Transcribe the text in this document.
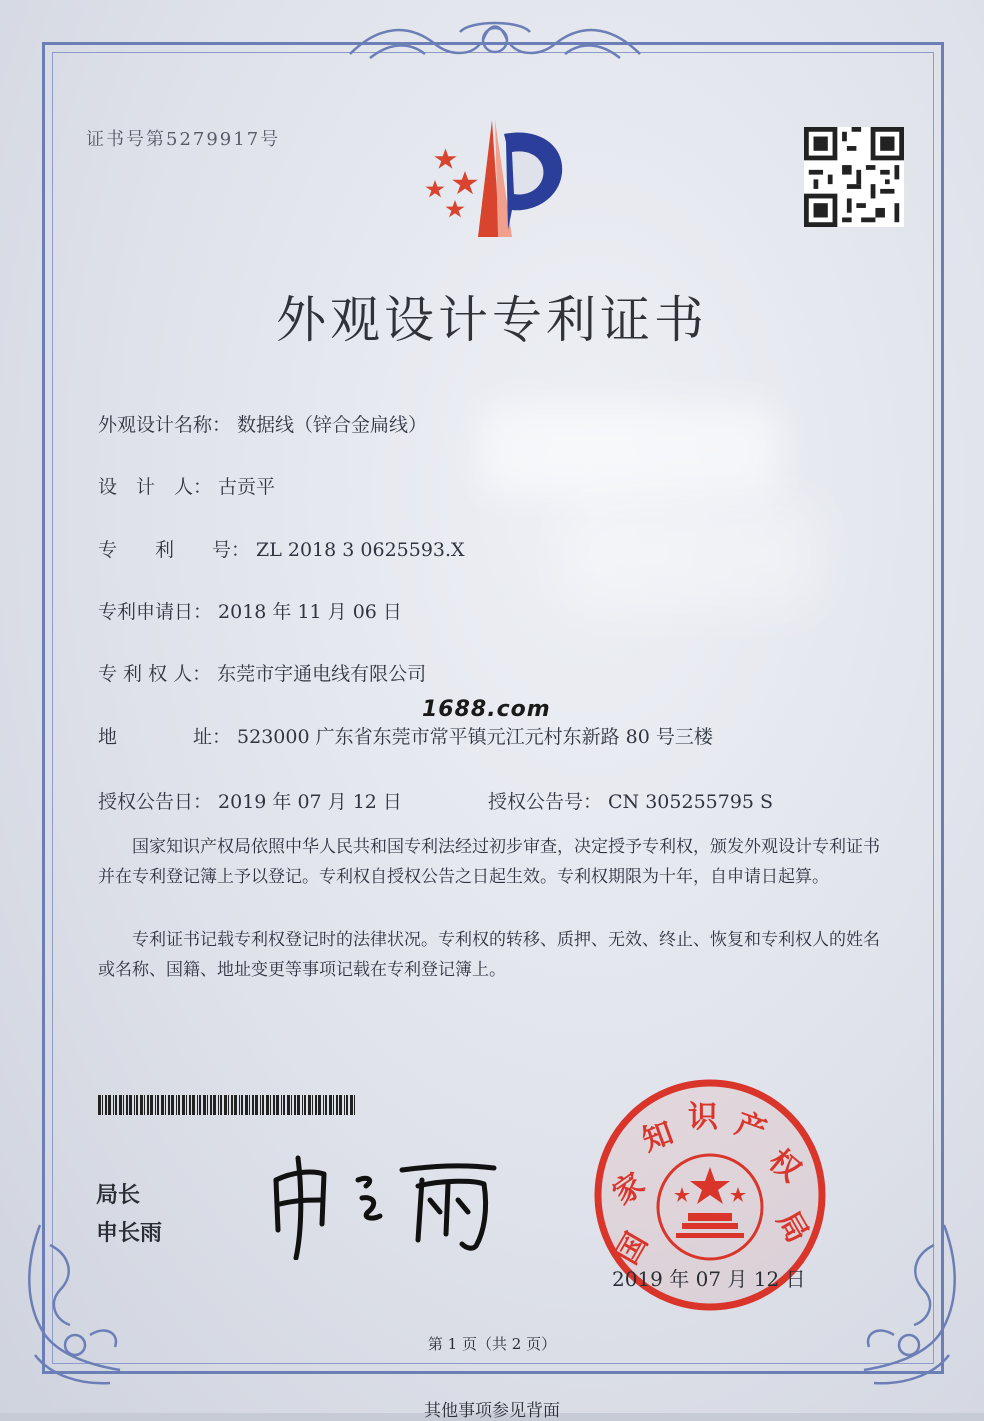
证书号第5279917号
外观设计专利证书
外观设计名称： 数据线（锌合金扁线）
设　计　人： 古贡平
专　　利　　号： ZL 2018 3 0625593.X
专利申请日： 2018 年 11 月 06 日
专 利 权 人： 东莞市宇通电线有限公司
1688.com
地　　　　址： 523000 广东省东莞市常平镇元江元村东新路 80 号三楼
授权公告日： 2019 年 07 月 12 日	授权公告号： CN 305255795 S
国家知识产权局依照中华人民共和国专利法经过初步审查，决定授予专利权，颁发外观设计专利证书并在专利登记簿上予以登记。专利权自授权公告之日起生效。专利权期限为十年，自申请日起算。
专利证书记载专利权登记时的法律状况。专利权的转移、质押、无效、终止、恢复和专利权人的姓名或名称、国籍、地址变更等事项记载在专利登记簿上。
局长
申长雨
国家知识产权局
国
家
知 识 产
权
局
2019 年 07 月 12 日
第 1 页（共 2 页）
其他事项参见背面
